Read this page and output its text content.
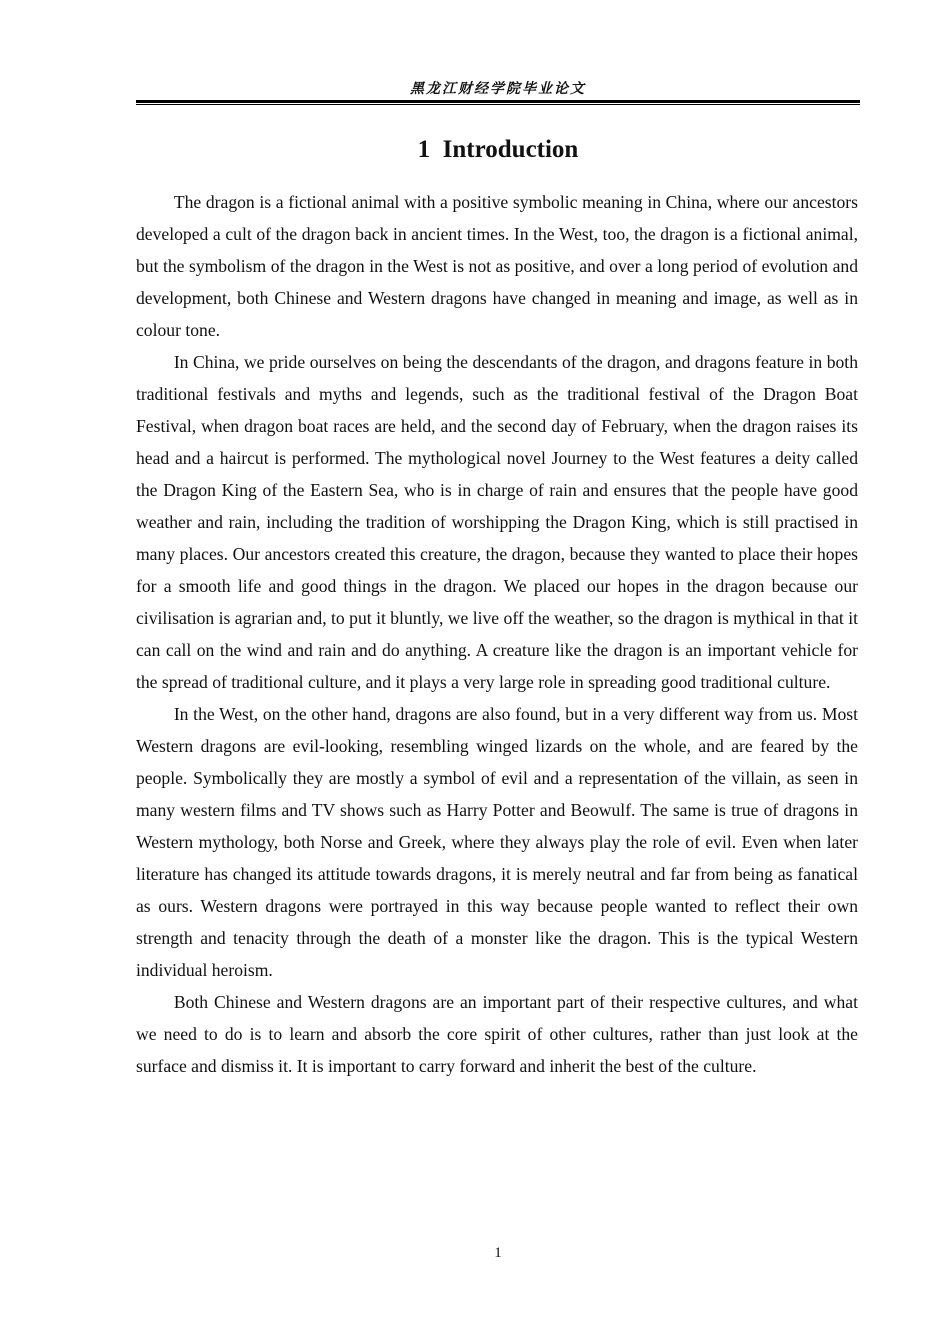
黑龙江财经学院毕业论文
1  Introduction

The dragon is a fictional animal with a positive symbolic meaning in China, where our ancestors developed a cult of the dragon back in ancient times. In the West, too, the dragon is a fictional animal, but the symbolism of the dragon in the West is not as positive, and over a long period of evolution and development, both Chinese and Western dragons have changed in meaning and image, as well as in colour tone.

In China, we pride ourselves on being the descendants of the dragon, and dragons feature in both traditional festivals and myths and legends, such as the traditional festival of the Dragon Boat Festival, when dragon boat races are held, and the second day of February, when the dragon raises its head and a haircut is performed. The mythological novel Journey to the West features a deity called the Dragon King of the Eastern Sea, who is in charge of rain and ensures that the people have good weather and rain, including the tradition of worshipping the Dragon King, which is still practised in many places. Our ancestors created this creature, the dragon, because they wanted to place their hopes for a smooth life and good things in the dragon. We placed our hopes in the dragon because our civilisation is agrarian and, to put it bluntly, we live off the weather, so the dragon is mythical in that it can call on the wind and rain and do anything. A creature like the dragon is an important vehicle for the spread of traditional culture, and it plays a very large role in spreading good traditional culture.

In the West, on the other hand, dragons are also found, but in a very different way from us. Most Western dragons are evil-looking, resembling winged lizards on the whole, and are feared by the people. Symbolically they are mostly a symbol of evil and a representation of the villain, as seen in many western films and TV shows such as Harry Potter and Beowulf. The same is true of dragons in Western mythology, both Norse and Greek, where they always play the role of evil. Even when later literature has changed its attitude towards dragons, it is merely neutral and far from being as fanatical as ours. Western dragons were portrayed in this way because people wanted to reflect their own strength and tenacity through the death of a monster like the dragon. This is the typical Western individual heroism.

Both Chinese and Western dragons are an important part of their respective cultures, and what we need to do is to learn and absorb the core spirit of other cultures, rather than just look at the surface and dismiss it. It is important to carry forward and inherit the best of the culture.

1
